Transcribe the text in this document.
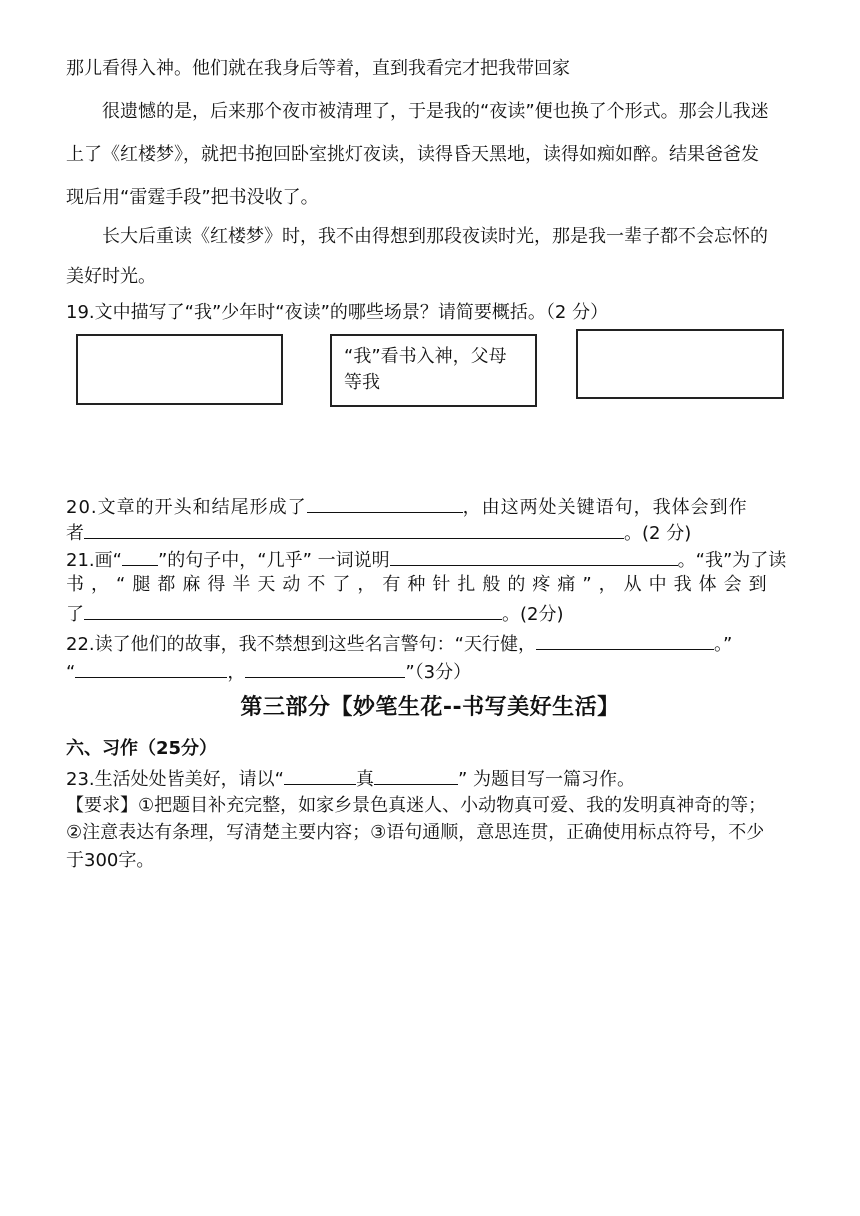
那儿看得入神。他们就在我身后等着，直到我看完才把我带回家
很遗憾的是，后来那个夜市被清理了，于是我的“夜读”便也换了个形式。那会儿我迷
上了《红楼梦》，就把书抱回卧室挑灯夜读，读得昏天黑地，读得如痴如醉。结果爸爸发
现后用“雷霆手段”把书没收了。
长大后重读《红楼梦》时，我不由得想到那段夜读时光，那是我一辈子都不会忘怀的
美好时光。
19.文中描写了“我”少年时“夜读”的哪些场景？请简要概括。（2 分）
“我”看书入神，父母
等我
20.文章的开头和结尾形成了	，由这两处关键语句，我体会到作
者	。(2 分)
21.画“ ”的句子中，“几乎” 一词说明	。“我”为了读
书，“腿都麻得半天动不了，有种针扎般的疼痛”，从中我体会到
了	。(2分)
22.读了他们的故事，我不禁想到这些名言警句：“天行健，	。”
“	，	”（3分）
第三部分【妙笔生花--书写美好生活】
六、习作（25分）
23.生活处处皆美好，请以“	真	” 为题目写一篇习作。
【要求】①把题目补充完整，如家乡景色真迷人、小动物真可爱、我的发明真神奇的等；
②注意表达有条理，写清楚主要内容；③语句通顺，意思连贯，正确使用标点符号，不少
于300字。
